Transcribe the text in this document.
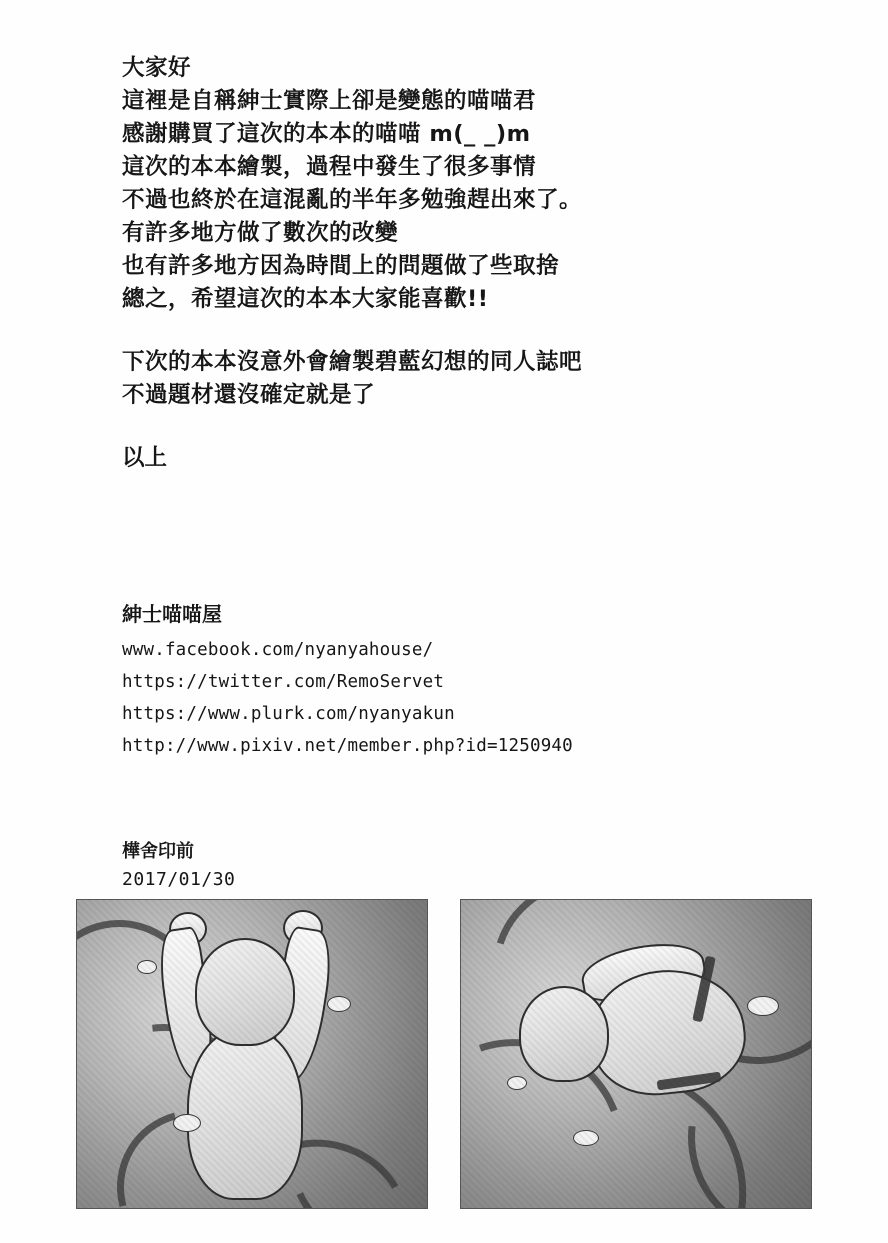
大家好
這裡是自稱紳士實際上卻是變態的喵喵君
感謝購買了這次的本本的喵喵 m(_ _)m
這次的本本繪製，過程中發生了很多事情
不過也終於在這混亂的半年多勉強趕出來了。
有許多地方做了數次的改變
也有許多地方因為時間上的問題做了些取捨
總之，希望這次的本本大家能喜歡!!
下次的本本沒意外會繪製碧藍幻想的同人誌吧
不過題材還沒確定就是了
以上
紳士喵喵屋
www.facebook.com/nyanyahouse/
https://twitter.com/RemoServet
https://www.plurk.com/nyanyakun
http://www.pixiv.net/member.php?id=1250940
樺舍印前
2017/01/30
